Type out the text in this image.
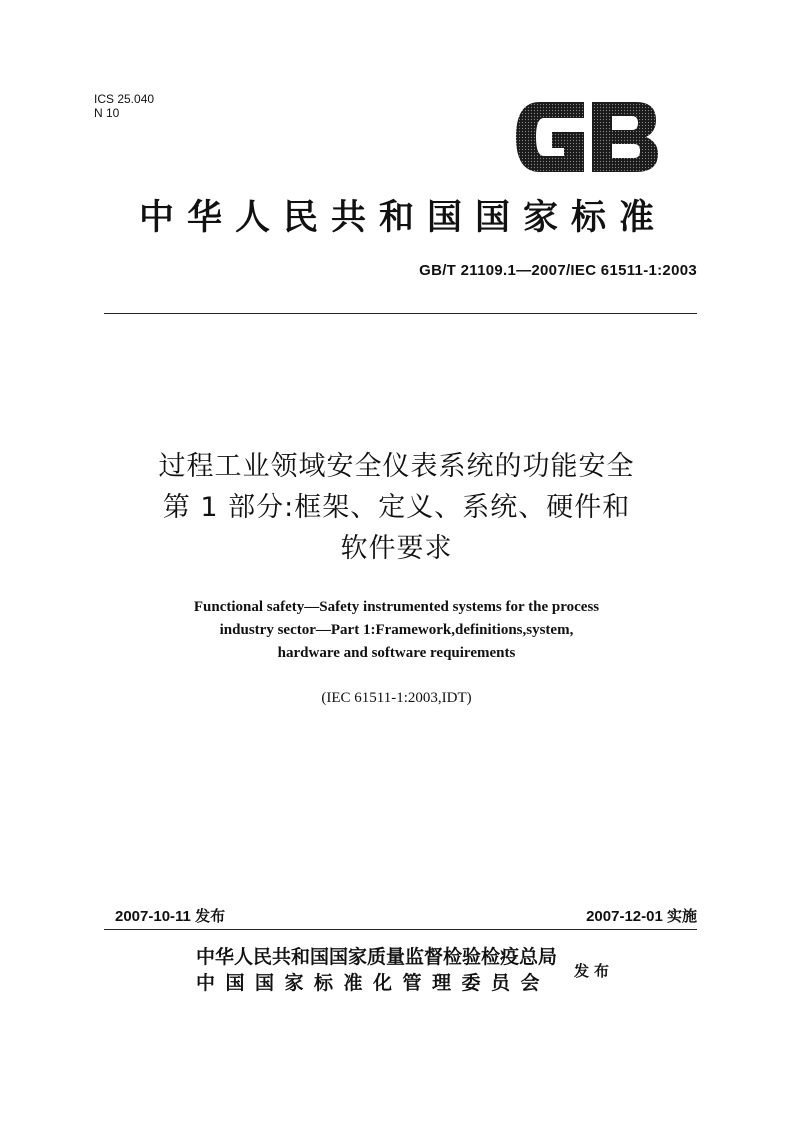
ICS 25.040
N 10
中华人民共和国国家标准
GB/T 21109.1—2007/IEC 61511-1:2003
过程工业领域安全仪表系统的功能安全
第 1 部分:框架、定义、系统、硬件和
软件要求
Functional safety—Safety instrumented systems for the process
industry sector—Part 1:Framework,definitions,system,
hardware and software requirements
(IEC 61511-1:2003,IDT)
2007-10-11 发布	2007-12-01 实施
中华人民共和国国家质量监督检验检疫总局
中国国家标准化管理委员会
发布
